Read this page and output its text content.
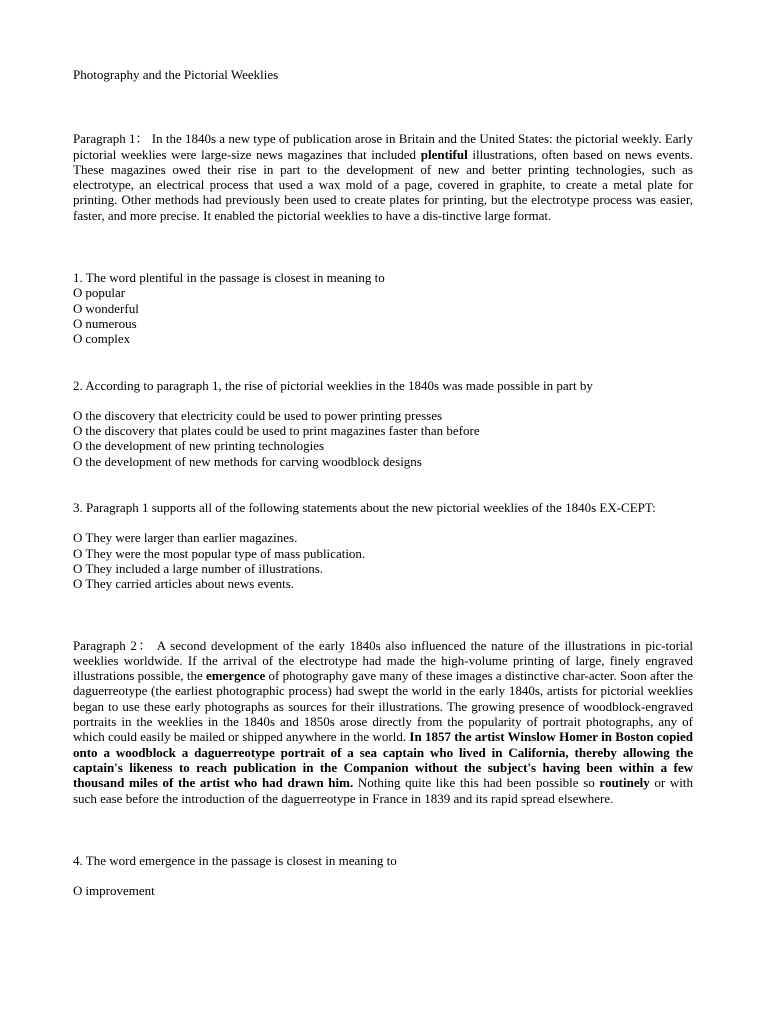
Photography and the Pictorial Weeklies

Paragraph 1： In the 1840s a new type of publication arose in Britain and the United States: the pictorial weekly. Early pictorial weeklies were large-size news magazines that included plentiful illustrations, often based on news events. These magazines owed their rise in part to the development of new and better printing technologies, such as electrotype, an electrical process that used a wax mold of a page, covered in graphite, to create a metal plate for printing. Other methods had previously been used to create plates for printing, but the electrotype process was easier, faster, and more precise. It enabled the pictorial weeklies to have a dis-tinctive large format.

1. The word plentiful in the passage is closest in meaning to

O popular

O wonderful

O numerous

O complex

2. According to paragraph 1, the rise of pictorial weeklies in the 1840s was made possible in part by

O the discovery that electricity could be used to power printing presses

O the discovery that plates could be used to print magazines faster than before

O the development of new printing technologies

O the development of new methods for carving woodblock designs

3. Paragraph 1 supports all of the following statements about the new pictorial weeklies of the 1840s EX-CEPT:

O They were larger than earlier magazines.

O They were the most popular type of mass publication.

O They included a large number of illustrations.

O They carried articles about news events.

Paragraph 2： A second development of the early 1840s also influenced the nature of the illustrations in pic-torial weeklies worldwide. If the arrival of the electrotype had made the high-volume printing of large, finely engraved illustrations possible, the emergence of photography gave many of these images a distinctive char-acter. Soon after the daguerreotype (the earliest photographic process) had swept the world in the early 1840s, artists for pictorial weeklies began to use these early photographs as sources for their illustrations. The growing presence of woodblock-engraved portraits in the weeklies in the 1840s and 1850s arose directly from the popularity of portrait photographs, any of which could easily be mailed or shipped anywhere in the world. In 1857 the artist Winslow Homer in Boston copied onto a woodblock a daguerreotype portrait of a sea captain who lived in California, thereby allowing the captain's likeness to reach publication in the Companion without the subject's having been within a few thousand miles of the artist who had drawn him. Nothing quite like this had been possible so routinely or with such ease before the introduction of the daguerreotype in France in 1839 and its rapid spread elsewhere.

4. The word emergence in the passage is closest in meaning to

O improvement
